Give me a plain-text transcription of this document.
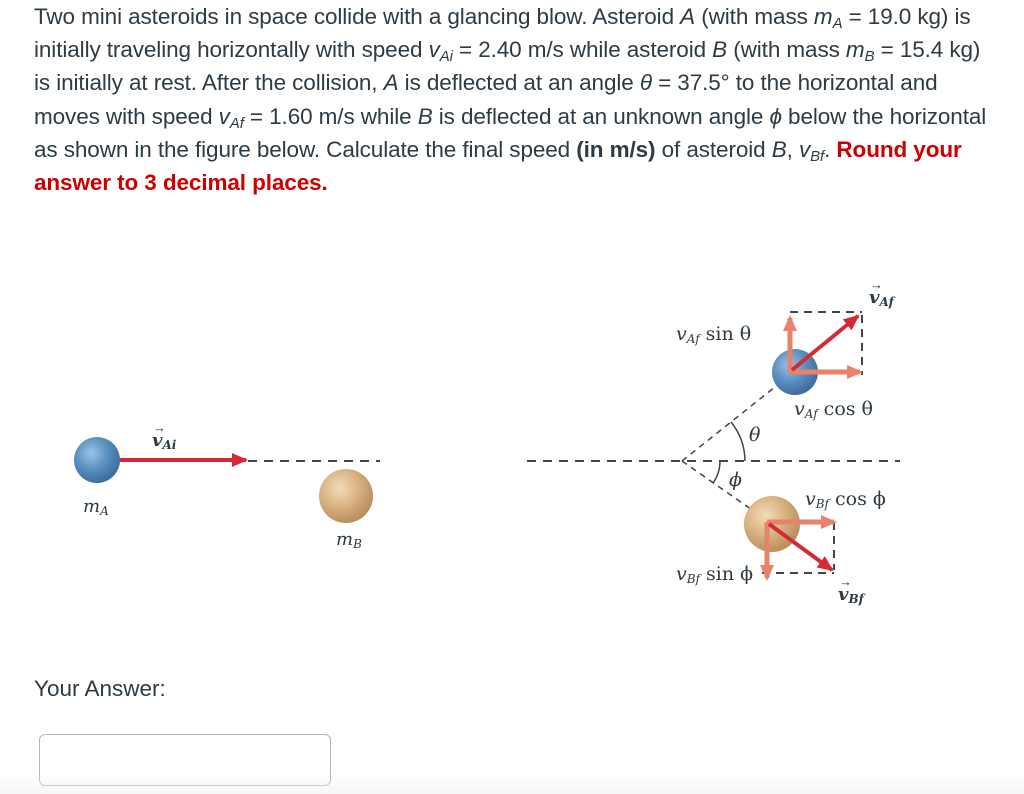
Two mini asteroids in space collide with a glancing blow. Asteroid A (with mass $m_A = 19.0$ kg) is initially traveling horizontally with speed $v_{Ai} = 2.40$ m/s while asteroid B (with mass $m_B = 15.4$ kg) is initially at rest. After the collision, A is deflected at an angle θ = 37.5° to the horizontal and moves with speed $v_{Af} = 1.60$ m/s while B is deflected at an unknown angle ϕ below the horizontal as shown in the figure below. Calculate the final speed (in m/s) of asteroid B, $v_{Bf}$. Round your answer to 3 decimal places.

vAi
→
mA
mB
vAf
→
vAf sin θ
vAf cos θ
θ
ϕ
vBf cos ϕ
vBf sin ϕ
vBf
→
Your Answer:
